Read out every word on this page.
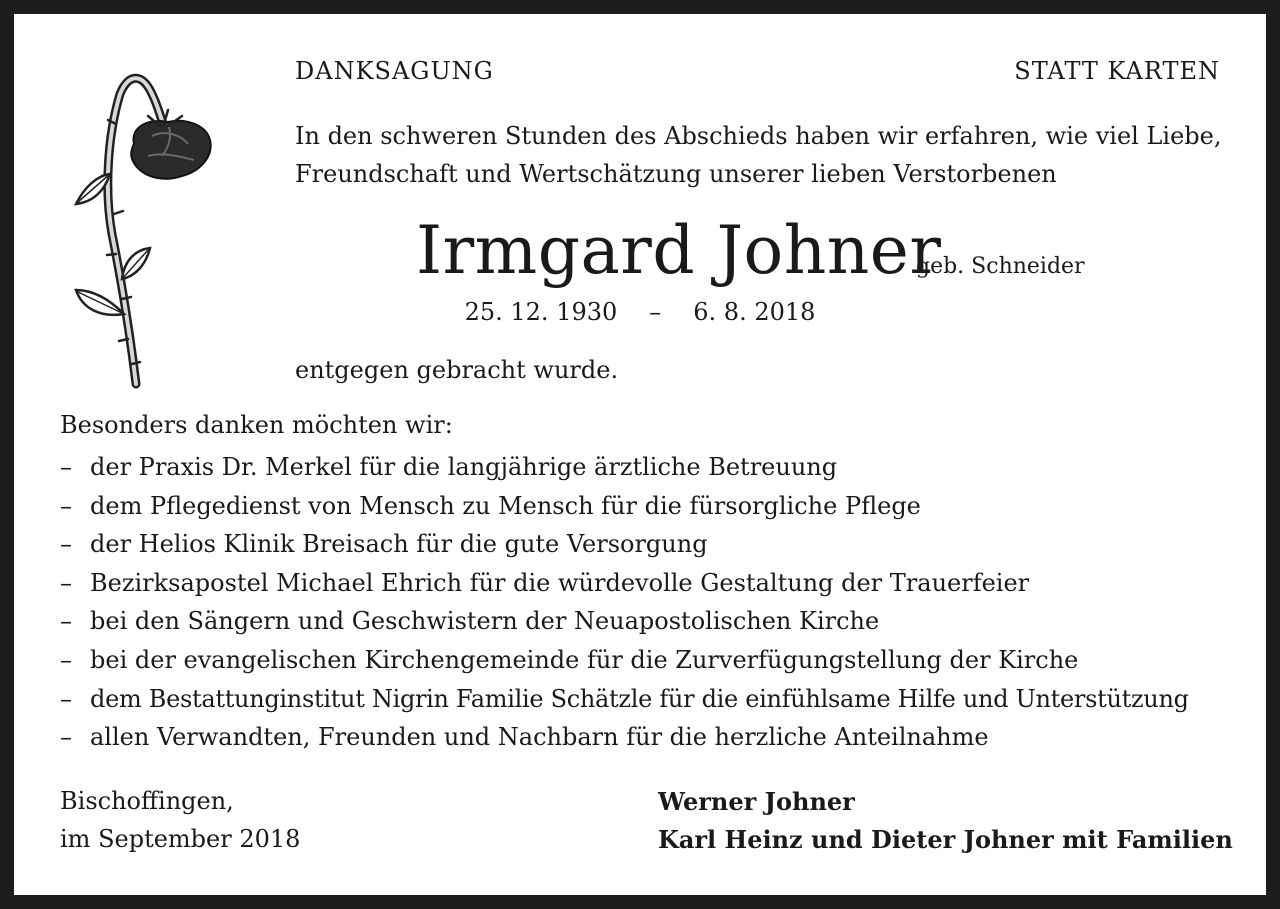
DANKSAGUNG	STATT KARTEN
In den schweren Stunden des Abschieds haben wir erfahren, wie viel Liebe,
Freundschaft und Wertschätzung unserer lieben Verstorbenen
Irmgard Johner
geb. Schneider
25. 12. 1930 – 6. 8. 2018
entgegen gebracht wurde.
Besonders danken möchten wir:
– der Praxis Dr. Merkel für die langjährige ärztliche Betreuung
– dem Pflegedienst von Mensch zu Mensch für die fürsorgliche Pflege
– der Helios Klinik Breisach für die gute Versorgung
– Bezirksapostel Michael Ehrich für die würdevolle Gestaltung der Trauerfeier
– bei den Sängern und Geschwistern der Neuapostolischen Kirche
– bei der evangelischen Kirchengemeinde für die Zurverfügungstellung der Kirche
– dem Bestattunginstitut Nigrin Familie Schätzle für die einfühlsame Hilfe und Unterstützung
– allen Verwandten, Freunden und Nachbarn für die herzliche Anteilnahme
Bischoffingen,
im September 2018
Werner Johner
Karl Heinz und Dieter Johner mit Familien
